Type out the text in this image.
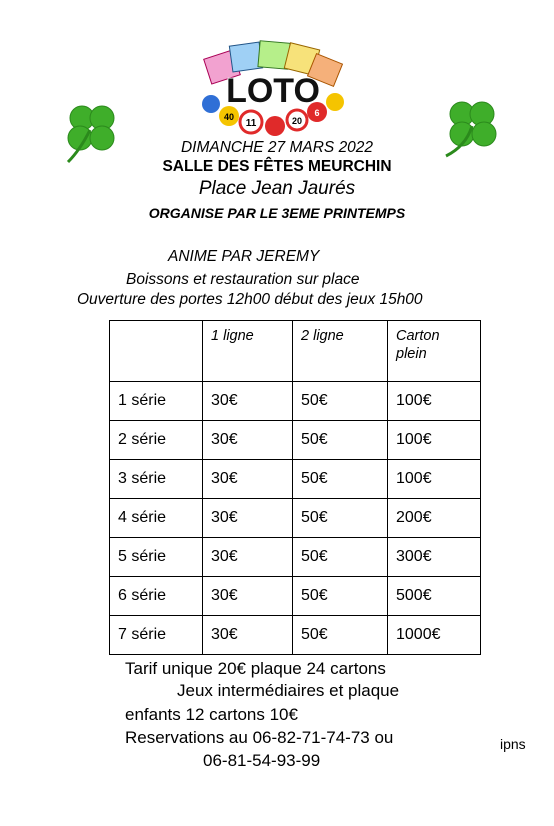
LOTO
40
11	20
6
DIMANCHE 27 MARS 2022
SALLE DES FÊTES MEURCHIN
Place Jean Jaurés
ORGANISE PAR LE 3EME PRINTEMPS
ANIME PAR JEREMY
Boissons et restauration sur place
Ouverture des portes 12h00 début des jeux 15h00
	1 ligne	2 ligne	Carton
plein
1 série	30€	50€	100€
2 série	30€	50€	100€
3 série	30€	50€	100€
4 série	30€	50€	200€
5 série	30€	50€	300€
6 série	30€	50€	500€
7 série	30€	50€	1000€
Tarif unique 20€ plaque 24 cartons
Jeux intermédiaires et plaque
enfants 12 cartons 10€
Reservations au 06-82-71-74-73 ou
06-81-54-93-99
ipns
